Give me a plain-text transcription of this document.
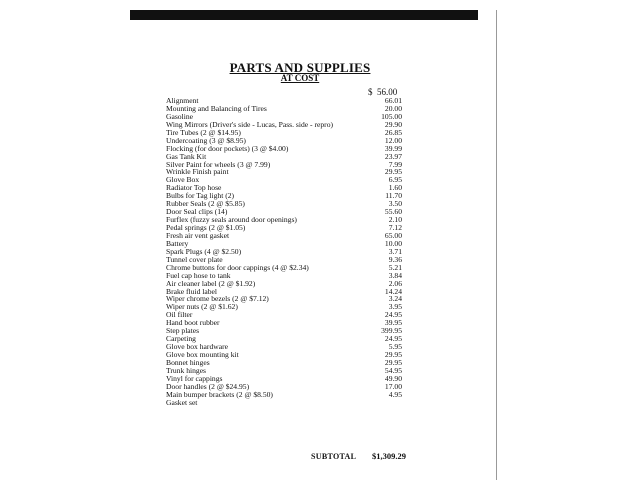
PARTS AND SUPPLIES
AT COST
$  56.00
Alignment
Mounting and Balancing of Tires
Gasoline
Wing Mirrors (Driver's side - Lucas, Pass. side - repro)
Tire Tubes (2 @ $14.95)
Undercoating (3 @ $8.95)
Flocking (for door pockets) (3 @ $4.00)
Gas Tank Kit
Silver Paint for wheels (3 @ 7.99)
Wrinkle Finish paint
Glove Box
Radiator Top hose
Bulbs for Tag light (2)
Rubber Seals (2 @ $5.85)
Door Seal clips (14)
Furflex (fuzzy seals around door openings)
Pedal springs (2 @ $1.05)
Fresh air vent gasket
Battery
Spark Plugs (4 @ $2.50)
Tunnel cover plate
Chrome buttons for door cappings (4 @ $2.34)
Fuel cap hose to tank
Air cleaner label (2 @ $1.92)
Brake fluid label
Wiper chrome bezels (2 @ $7.12)
Wiper nuts (2 @ $1.62)
Oil filter
Hand boot rubber
Step plates
Carpeting
Glove box hardware
Glove box mounting kit
Bonnet hinges
Trunk hinges
Vinyl for cappings
Door handles (2 @ $24.95)
Main bumper brackets (2 @ $8.50)
Gasket set
66.01
20.00
105.00
29.90
26.85
12.00
39.99
23.97
7.99
29.95
6.95
1.60
11.70
3.50
55.60
2.10
7.12
65.00
10.00
3.71
9.36
5.21
3.84
2.06
14.24
3.24
3.95
24.95
39.95
399.95
24.95
5.95
29.95
29.95
54.95
49.90
17.00
4.95
SUBTOTAL $1,309.29
